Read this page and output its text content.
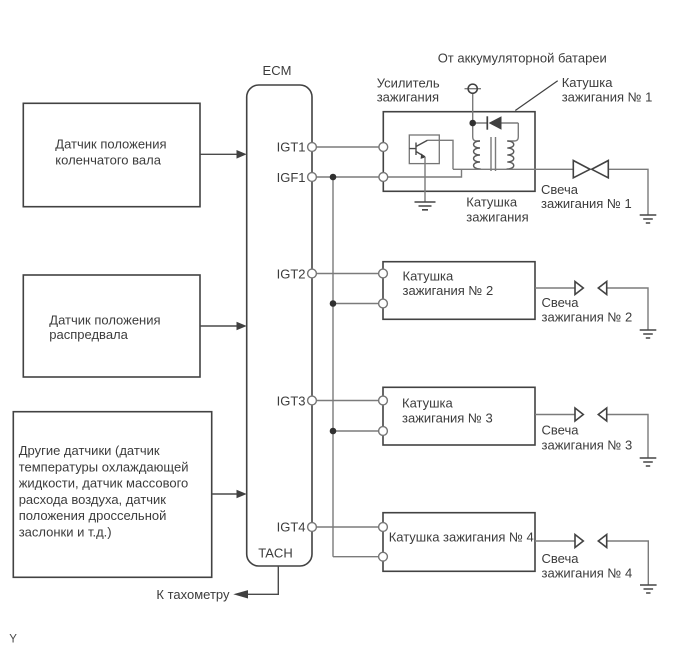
Датчик положения
коленчатого вала
Датчик положения
распредвала
Другие датчики (датчик
температуры охлаждающей
жидкости, датчик массового
расхода воздуха, датчик
положения дроссельной
заслонки и т.д.)
ECM
IGT1
IGF1
IGT2
IGT3
IGT4
TACH
Катушка
зажигания № 2
Катушка
зажигания № 3
Катушка зажигания № 4
К тахометру
От аккумуляторной батареи
Усилитель
зажигания
Катушка
зажигания № 1
Катушка
зажигания
Свеча
зажигания № 1
Свеча
зажигания № 2
Свеча
зажигания № 3
Свеча
зажигания № 4
Y
